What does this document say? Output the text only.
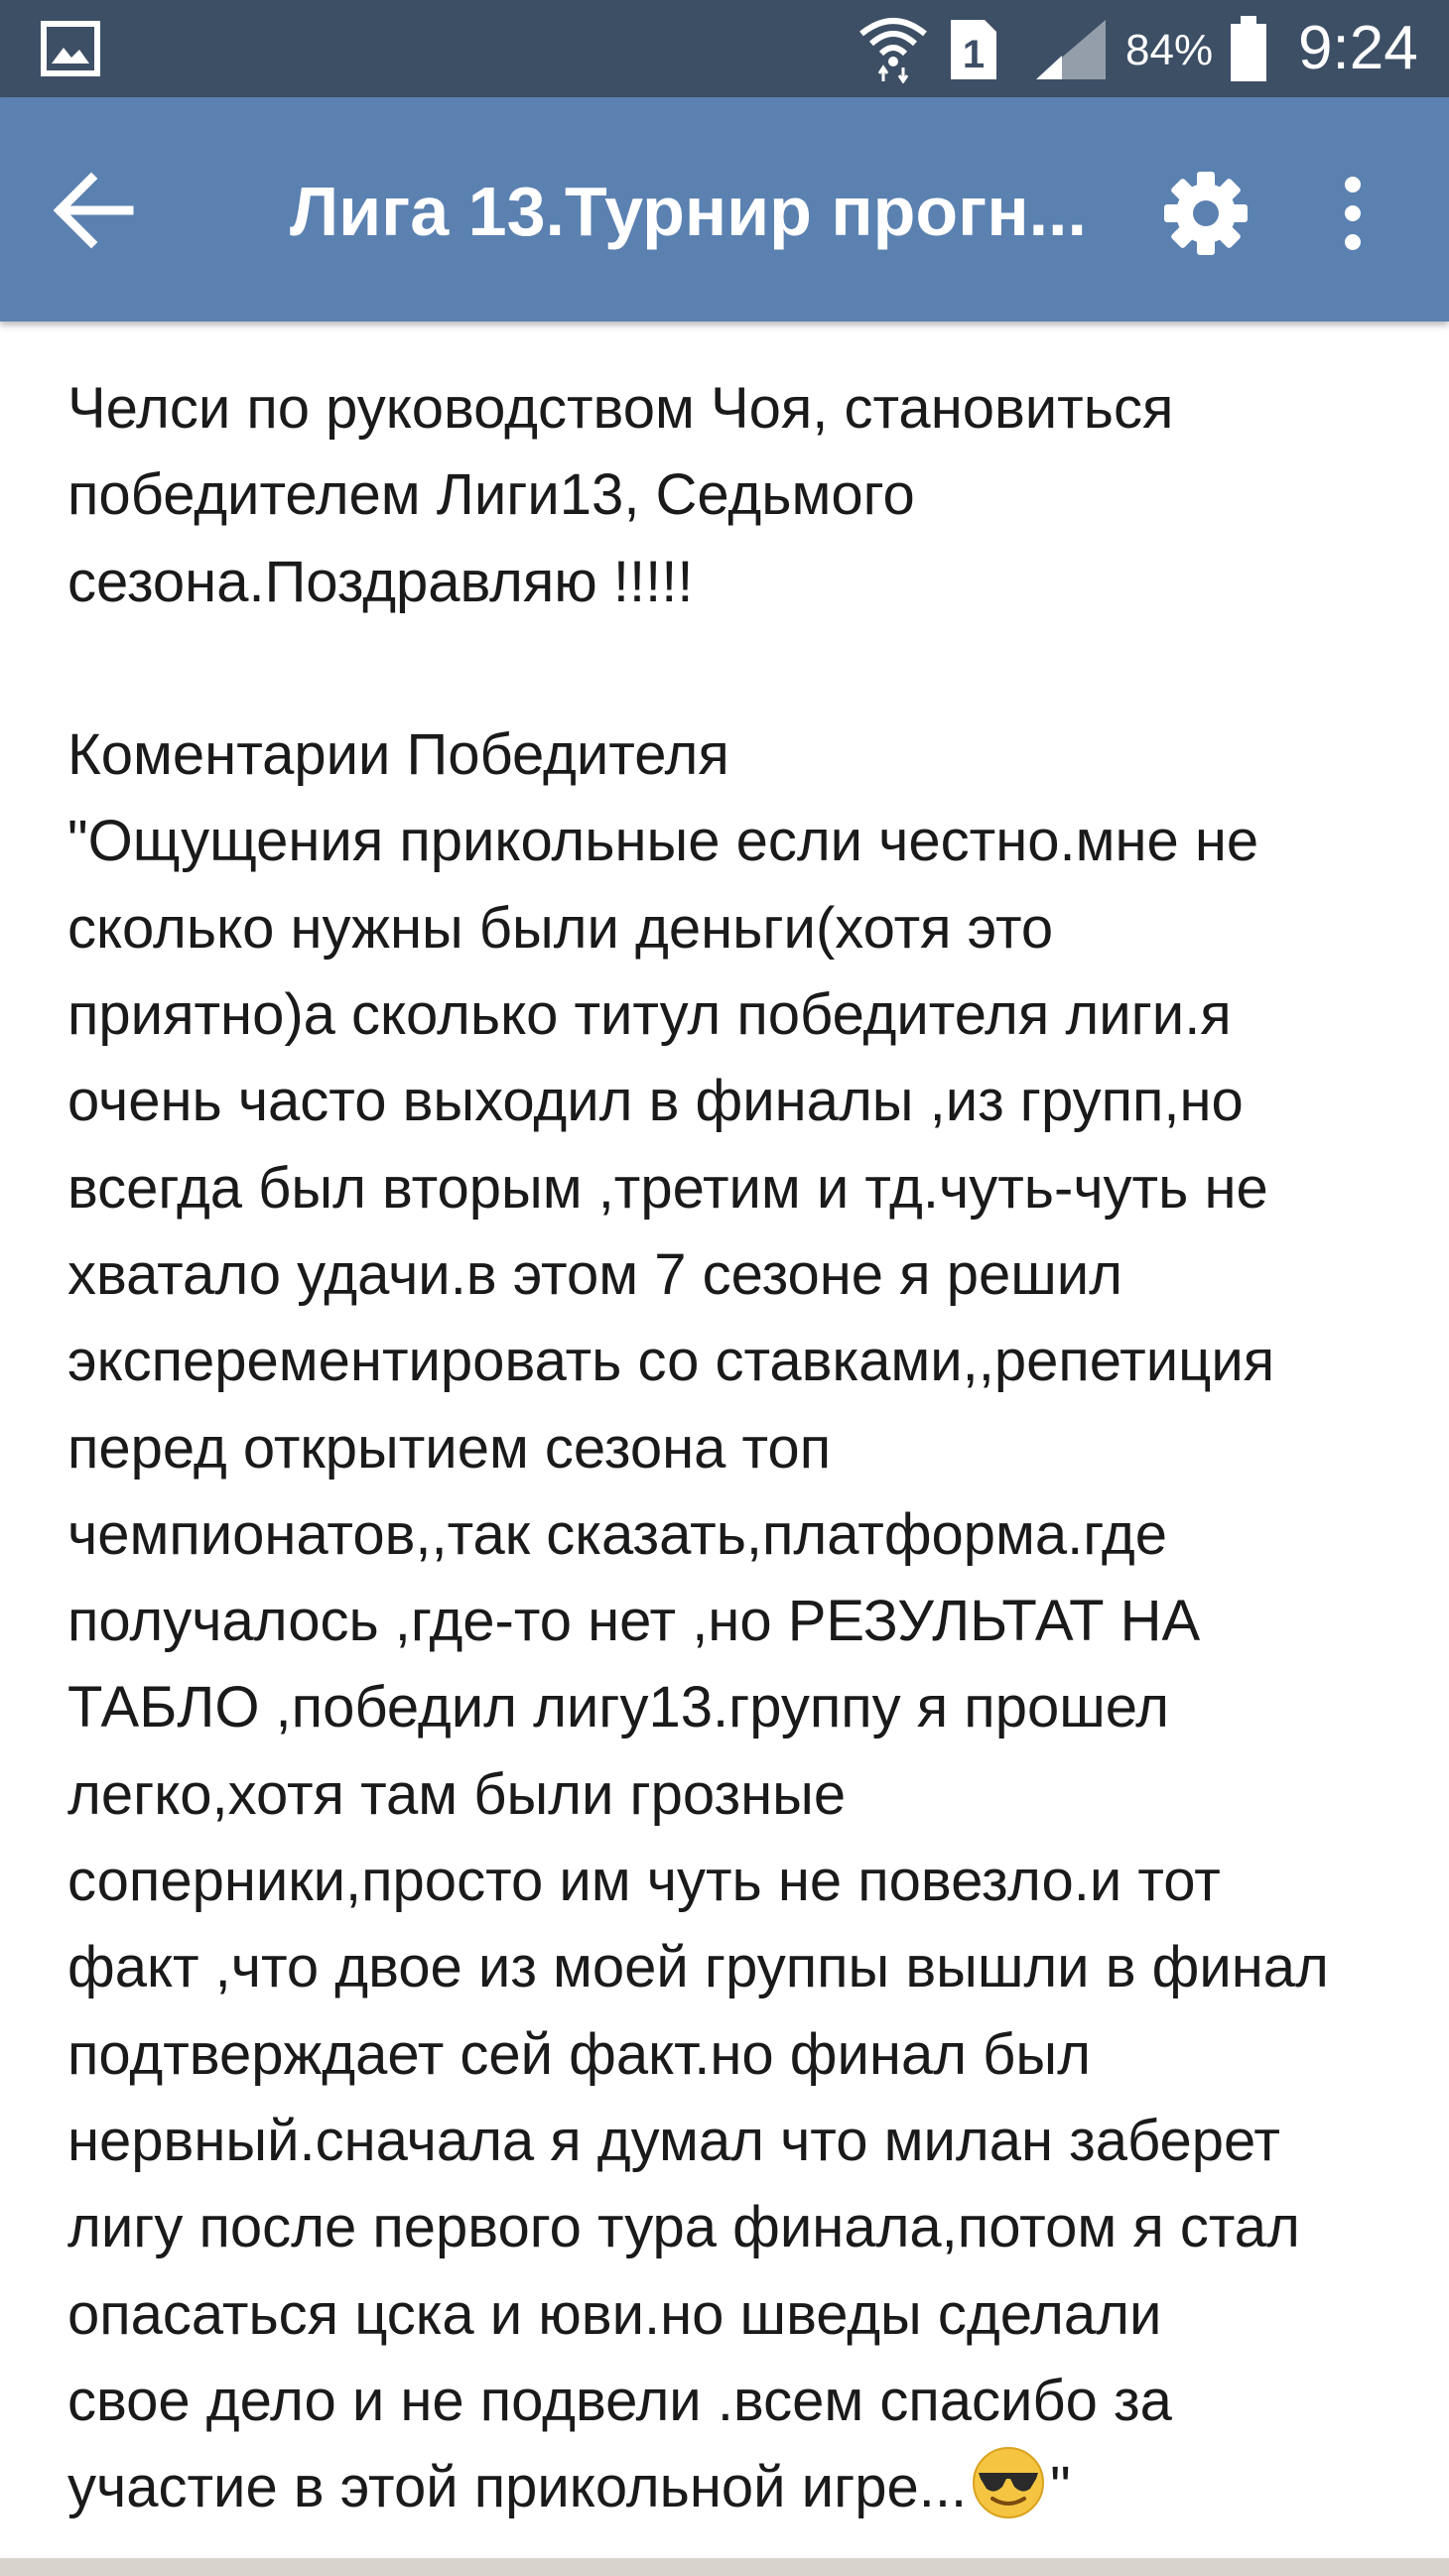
1	84% 9:24
Лига 13.Турнир прогн...
Челси по руководством Чоя, становиться
победителем Лиги13, Седьмого
сезона.Поздравляю !!!!!
Коментарии Победителя
"Ощущения прикольные если честно.мне не
сколько нужны были деньги(хотя это
приятно)а сколько титул победителя лиги.я
очень часто выходил в финалы ,из групп,но
всегда был вторым ,третим и тд.чуть-чуть не
хватало удачи.в этом 7 сезоне я решил
эксперементировать со ставками,,репетиция
перед открытием сезона топ
чемпионатов,,так сказать,платформа.где
получалось ,где-то нет ,но РЕЗУЛЬТАТ НА
ТАБЛО ,победил лигу13.группу я прошел
легко,хотя там были грозные
соперники,просто им чуть не повезло.и тот
факт ,что двое из моей группы вышли в финал
подтверждает сей факт.но финал был
нервный.сначала я думал что милан заберет
лигу после первого тура финала,потом я стал
опасаться цска и юви.но шведы сделали
свое дело и не подвели .всем спасибо за
участие в этой прикольной игре... "
